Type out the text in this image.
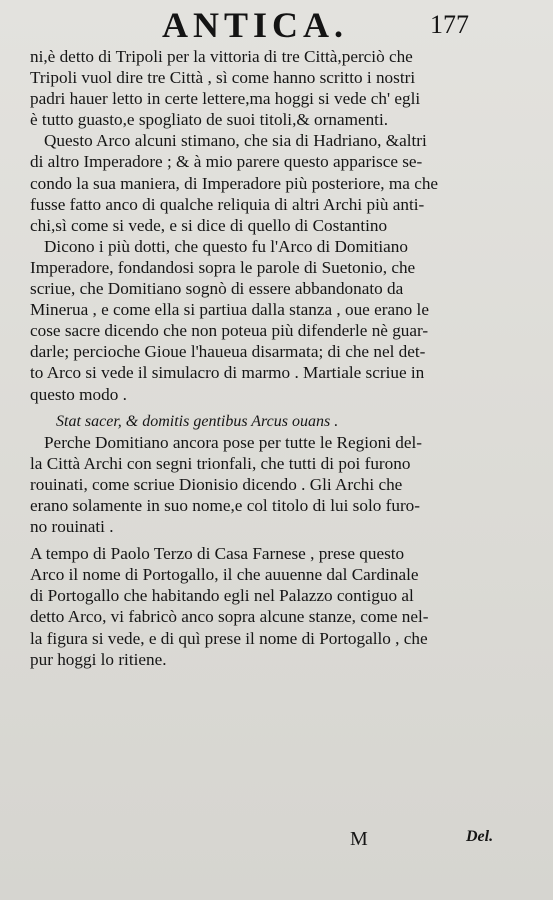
ANTICA.	177
ni,è detto di Tripoli per la vittoria di tre Città,perciò che
Tripoli vuol dire tre Città , sì come hanno scritto i nostri
padri hauer letto in certe lettere,ma hoggi si vede ch' egli
è tutto guasto,e spogliato de suoi titoli,& ornamenti.
Questo Arco alcuni stimano, che sia di Hadriano, &altri
di altro Imperadore ; & à mio parere questo apparisce se-
condo la sua maniera, di Imperadore più posteriore, ma che
fusse fatto anco di qualche reliquia di altri Archi più anti-
chi,sì come si vede, e si dice di quello di Costantino
Dicono i più dotti, che questo fu l'Arco di Domitiano
Imperadore, fondandosi sopra le parole di Suetonio, che
scriue, che Domitiano sognò di essere abbandonato da
Minerua , e come ella si partiua dalla stanza , oue erano le
cose sacre dicendo che non poteua più difenderle nè guar-
darle; percioche Gioue l'haueua disarmata; di che nel det-
to Arco si vede il simulacro di marmo . Martiale scriue in
questo modo .
Stat sacer, & domitis gentibus Arcus ouans .
Perche Domitiano ancora pose per tutte le Regioni del-
la Città Archi con segni trionfali, che tutti di poi furono
rouinati, come scriue Dionisio dicendo . Gli Archi che
erano solamente in suo nome,e col titolo di lui solo furo-
no rouinati .
A tempo di Paolo Terzo di Casa Farnese , prese questo
Arco il nome di Portogallo, il che auuenne dal Cardinale
di Portogallo che habitando egli nel Palazzo contiguo al
detto Arco, vi fabricò anco sopra alcune stanze, come nel-
la figura si vede, e di quì prese il nome di Portogallo , che
pur hoggi lo ritiene.
M	Del.
